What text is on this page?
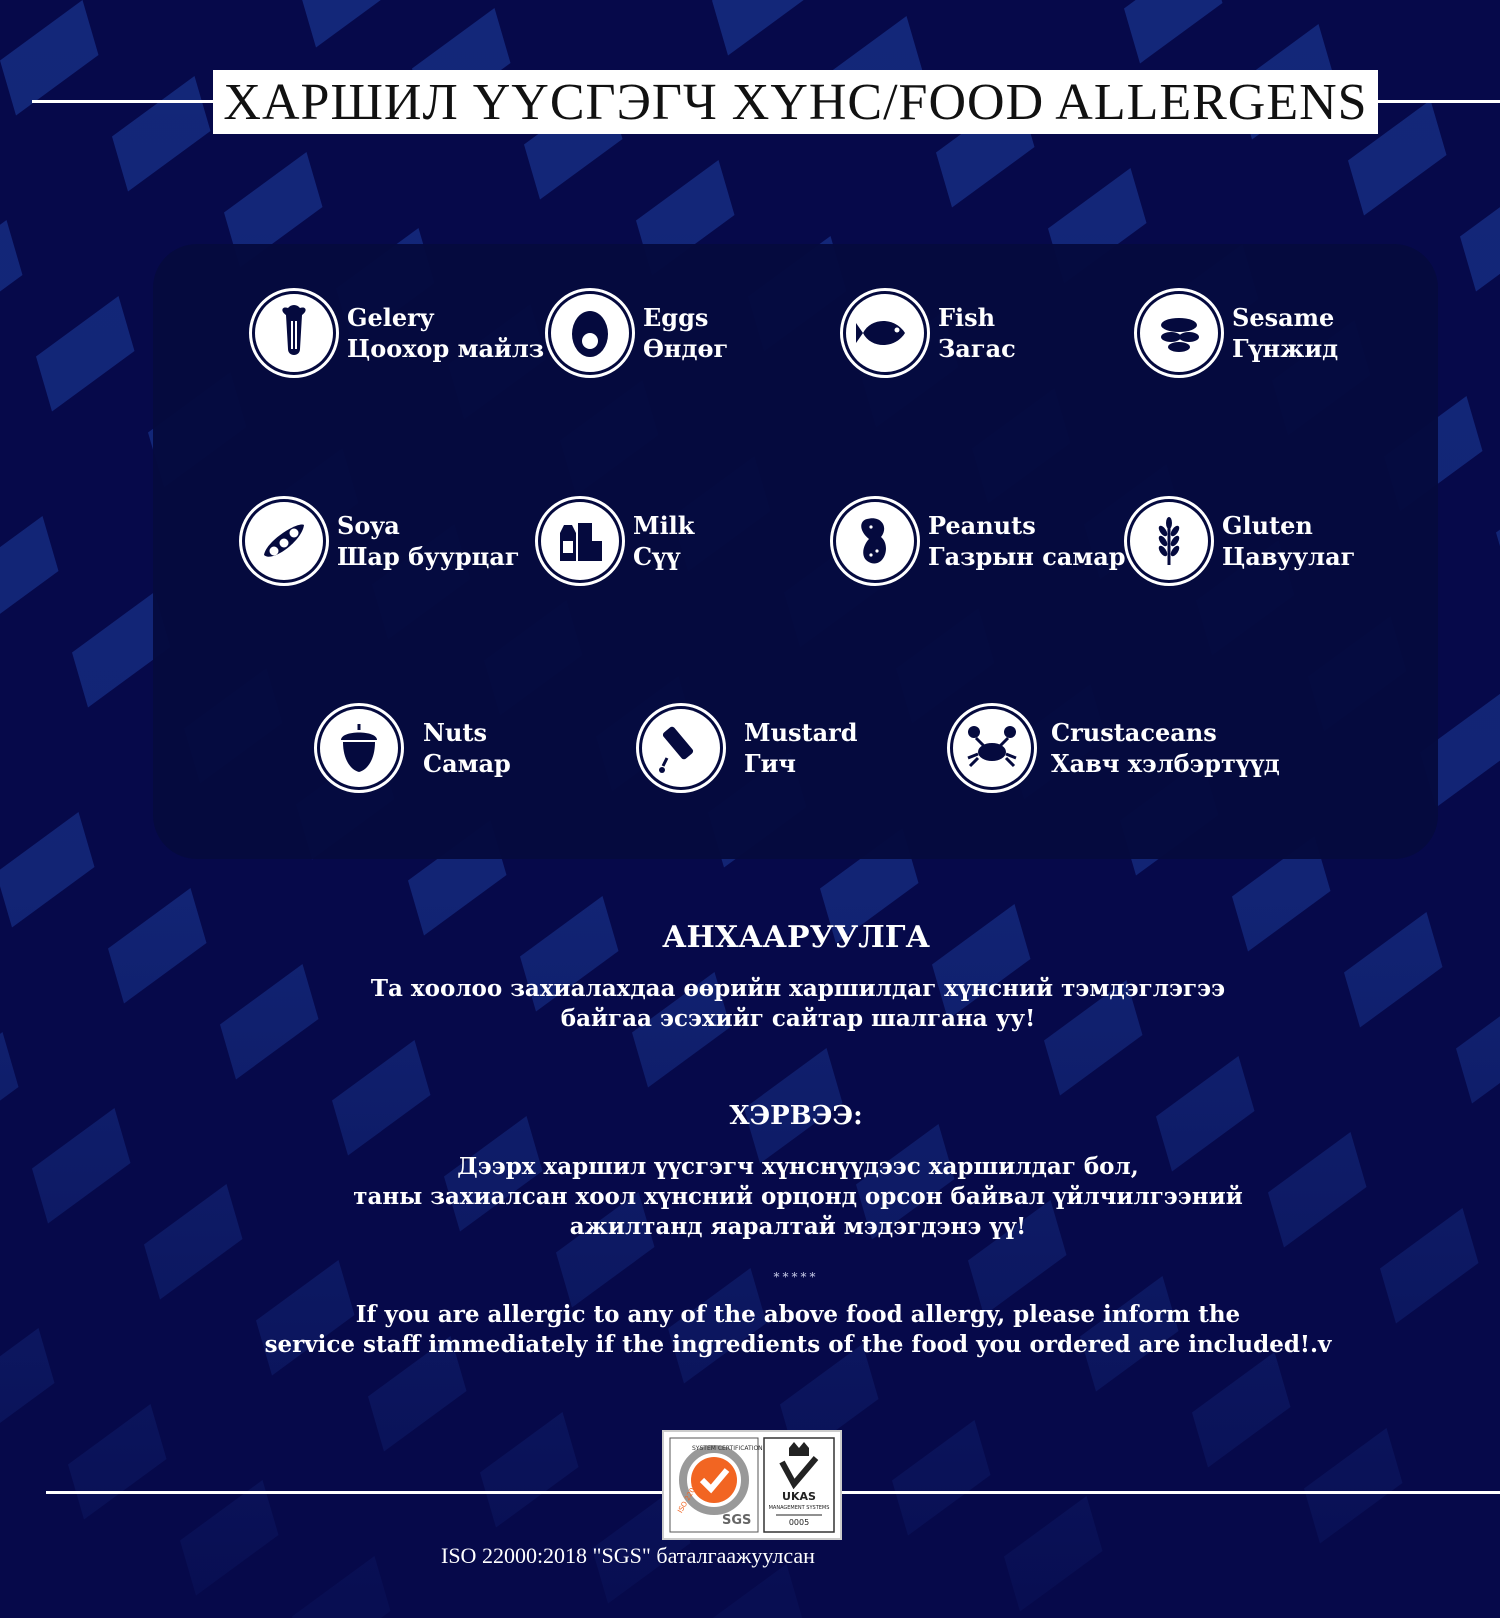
ХАРШИЛ ҮҮСГЭГЧ ХҮНС/FOOD ALLERGENS
Gelery
Цоохор майлз
Eggs
Өндөг
Fish
Загас
Sesame
Гүнжид
Soya
Шар буурцаг
Milk
Сүү
Peanuts
Газрын самар
Gluten
Цавуулаг
Nuts
Самар
Mustard
Гич
Crustaceans
Хавч хэлбэртүүд
АНХААРУУЛГА
Та хоолоо захиалахдаа өөрийн харшилдаг хүнсний тэмдэглэгээ
байгаа эсэхийг сайтар шалгана уу!
ХЭРВЭЭ:
Дээрх харшил үүсгэгч хүнснүүдээс харшилдаг бол,
таны захиалсан хоол хүнсний орцонд орсон байвал үйлчилгээний
ажилтанд яаралтай мэдэгдэнэ үү!
*****
If you are allergic to any of the above food allergy, please inform the
service staff immediately if the ingredients of the food you ordered are included!.v
SYSTEM CERTIFICATION
ISO 22000
SGS
UKAS
MANAGEMENT SYSTEMS
0005
ISO 22000:2018 "SGS" баталгаажуулсан
